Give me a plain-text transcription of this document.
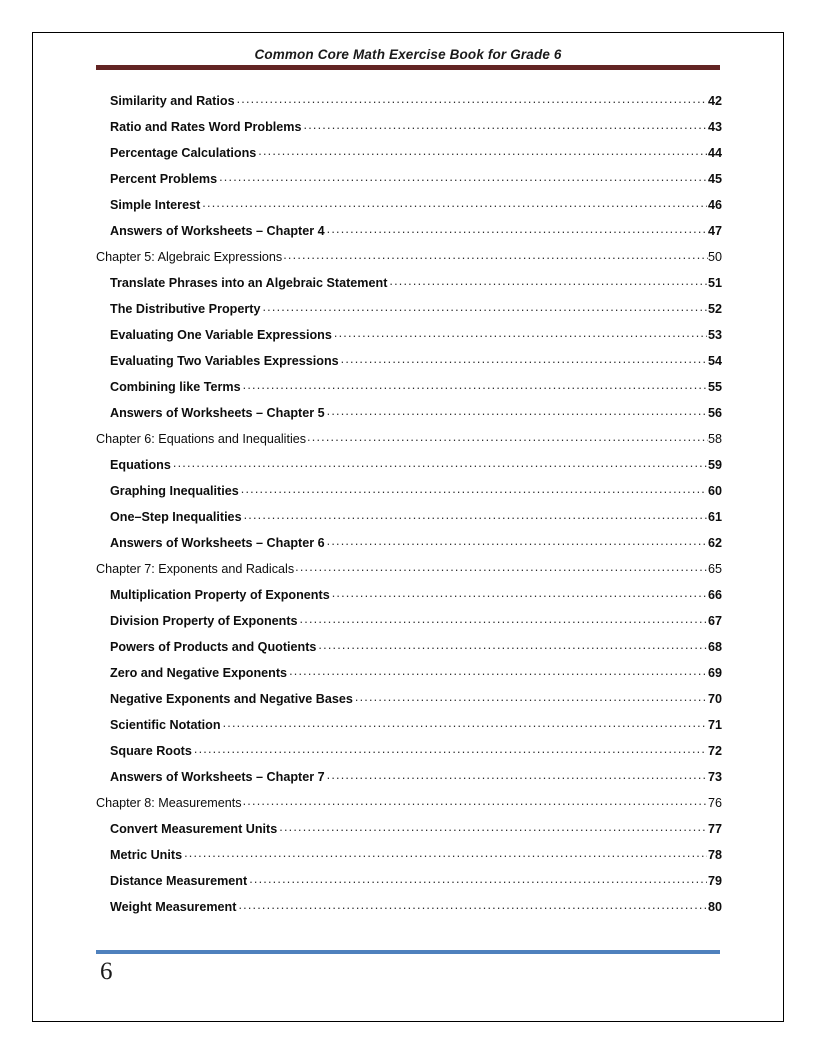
Common Core Math Exercise Book for Grade 6
Similarity and Ratios .....	42
Ratio and Rates Word Problems .....	43
Percentage Calculations .....	44
Percent Problems .....	45
Simple Interest .....	46
Answers of Worksheets – Chapter 4 .....	47
Chapter 5: Algebraic Expressions .....	50
Translate Phrases into an Algebraic Statement .....	51
The Distributive Property .....	52
Evaluating One Variable Expressions .....	53
Evaluating Two Variables Expressions .....	54
Combining like Terms .....	55
Answers of Worksheets – Chapter 5 .....	56
Chapter 6: Equations and Inequalities .....	58
Equations .....	59
Graphing Inequalities .....	60
One–Step Inequalities .....	61
Answers of Worksheets – Chapter 6 .....	62
Chapter 7: Exponents and Radicals .....	65
Multiplication Property of Exponents .....	66
Division Property of Exponents .....	67
Powers of Products and Quotients .....	68
Zero and Negative Exponents .....	69
Negative Exponents and Negative Bases .....	70
Scientific Notation .....	71
Square Roots .....	72
Answers of Worksheets – Chapter 7 .....	73
Chapter 8: Measurements .....	76
Convert Measurement Units .....	77
Metric Units .....	78
Distance Measurement .....	79
Weight Measurement .....	80
6
